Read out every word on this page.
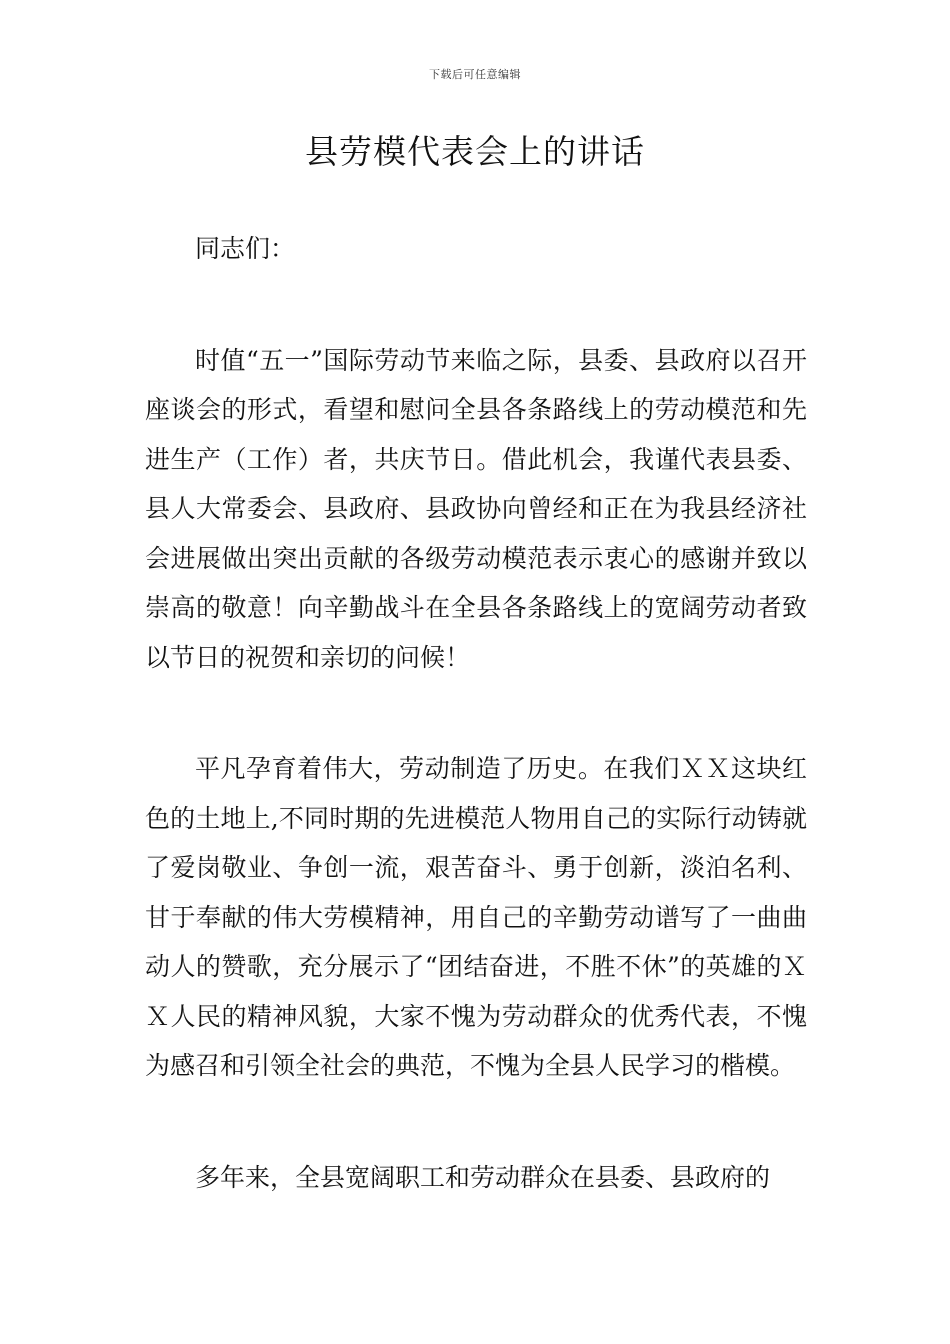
下载后可任意编辑
县劳模代表会上的讲话

同志们：

时值“五一”国际劳动节来临之际，县委、县政府以召开座谈会的形式，看望和慰问全县各条路线上的劳动模范和先进生产（工作）者，共庆节日。借此机会，我谨代表县委、县人大常委会、县政府、县政协向曾经和正在为我县经济社会进展做出突出贡献的各级劳动模范表示衷心的感谢并致以崇高的敬意！向辛勤战斗在全县各条路线上的宽阔劳动者致以节日的祝贺和亲切的问候！

平凡孕育着伟大，劳动制造了历史。在我们ＸＸ这块红色的土地上,不同时期的先进模范人物用自己的实际行动铸就了爱岗敬业、争创一流，艰苦奋斗、勇于创新，淡泊名利、甘于奉献的伟大劳模精神，用自己的辛勤劳动谱写了一曲曲动人的赞歌，充分展示了“团结奋进，不胜不休”的英雄的ＸＸ人民的精神风貌，大家不愧为劳动群众的优秀代表，不愧为感召和引领全社会的典范，不愧为全县人民学习的楷模。

多年来，全县宽阔职工和劳动群众在县委、县政府的
